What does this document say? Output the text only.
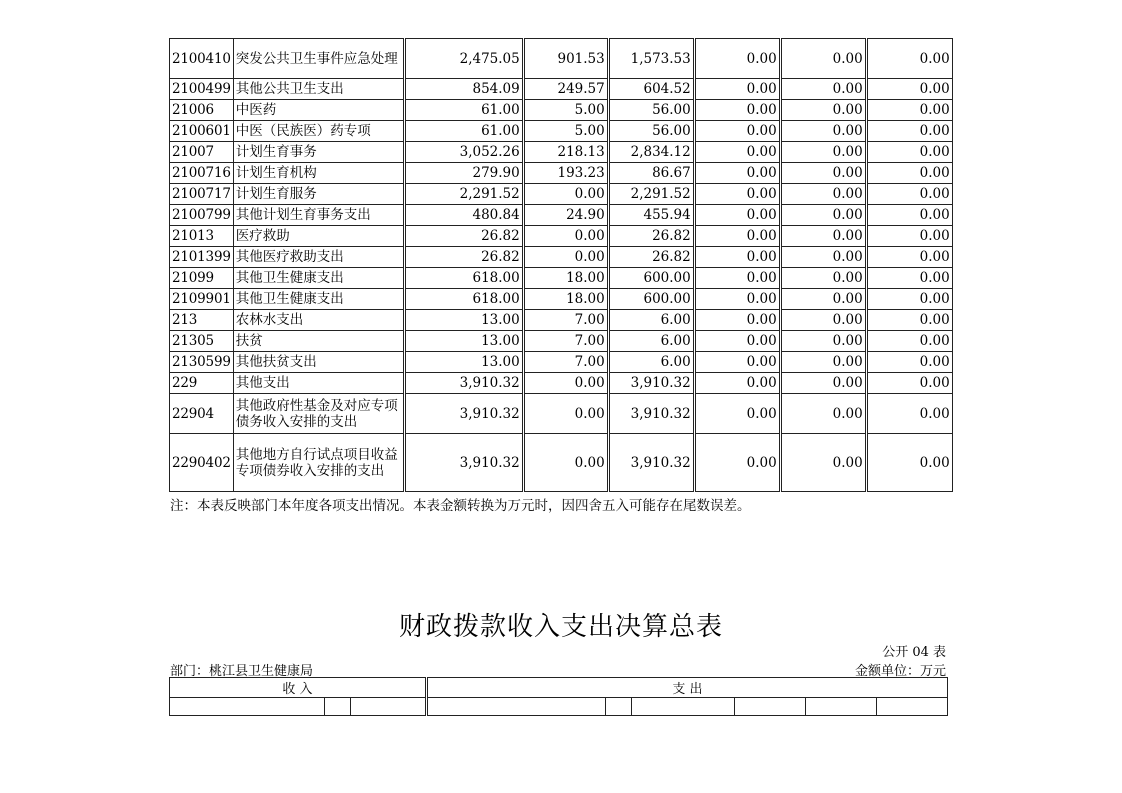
2100410	突发公共卫生事件应急处理	2,475.05	901.53	1,573.53	0.00	0.00	0.00
2100499	其他公共卫生支出	854.09	249.57	604.52	0.00	0.00	0.00
21006	中医药	61.00	5.00	56.00	0.00	0.00	0.00
2100601	中医（民族医）药专项	61.00	5.00	56.00	0.00	0.00	0.00
21007	计划生育事务	3,052.26	218.13	2,834.12	0.00	0.00	0.00
2100716	计划生育机构	279.90	193.23	86.67	0.00	0.00	0.00
2100717	计划生育服务	2,291.52	0.00	2,291.52	0.00	0.00	0.00
2100799	其他计划生育事务支出	480.84	24.90	455.94	0.00	0.00	0.00
21013	医疗救助	26.82	0.00	26.82	0.00	0.00	0.00
2101399	其他医疗救助支出	26.82	0.00	26.82	0.00	0.00	0.00
21099	其他卫生健康支出	618.00	18.00	600.00	0.00	0.00	0.00
2109901	其他卫生健康支出	618.00	18.00	600.00	0.00	0.00	0.00
213	农林水支出	13.00	7.00	6.00	0.00	0.00	0.00
21305	扶贫	13.00	7.00	6.00	0.00	0.00	0.00
2130599	其他扶贫支出	13.00	7.00	6.00	0.00	0.00	0.00
229	其他支出	3,910.32	0.00	3,910.32	0.00	0.00	0.00
22904	其他政府性基金及对应专项债务收入安排的支出	3,910.32	0.00	3,910.32	0.00	0.00	0.00
2290402	其他地方自行试点项目收益专项债券收入安排的支出	3,910.32	0.00	3,910.32	0.00	0.00	0.00
注：本表反映部门本年度各项支出情况。本表金额转换为万元时，因四舍五入可能存在尾数误差。
财政拨款收入支出决算总表
公开 04 表
部门：桃江县卫生健康局	金额单位：万元
收 入			支 出					
